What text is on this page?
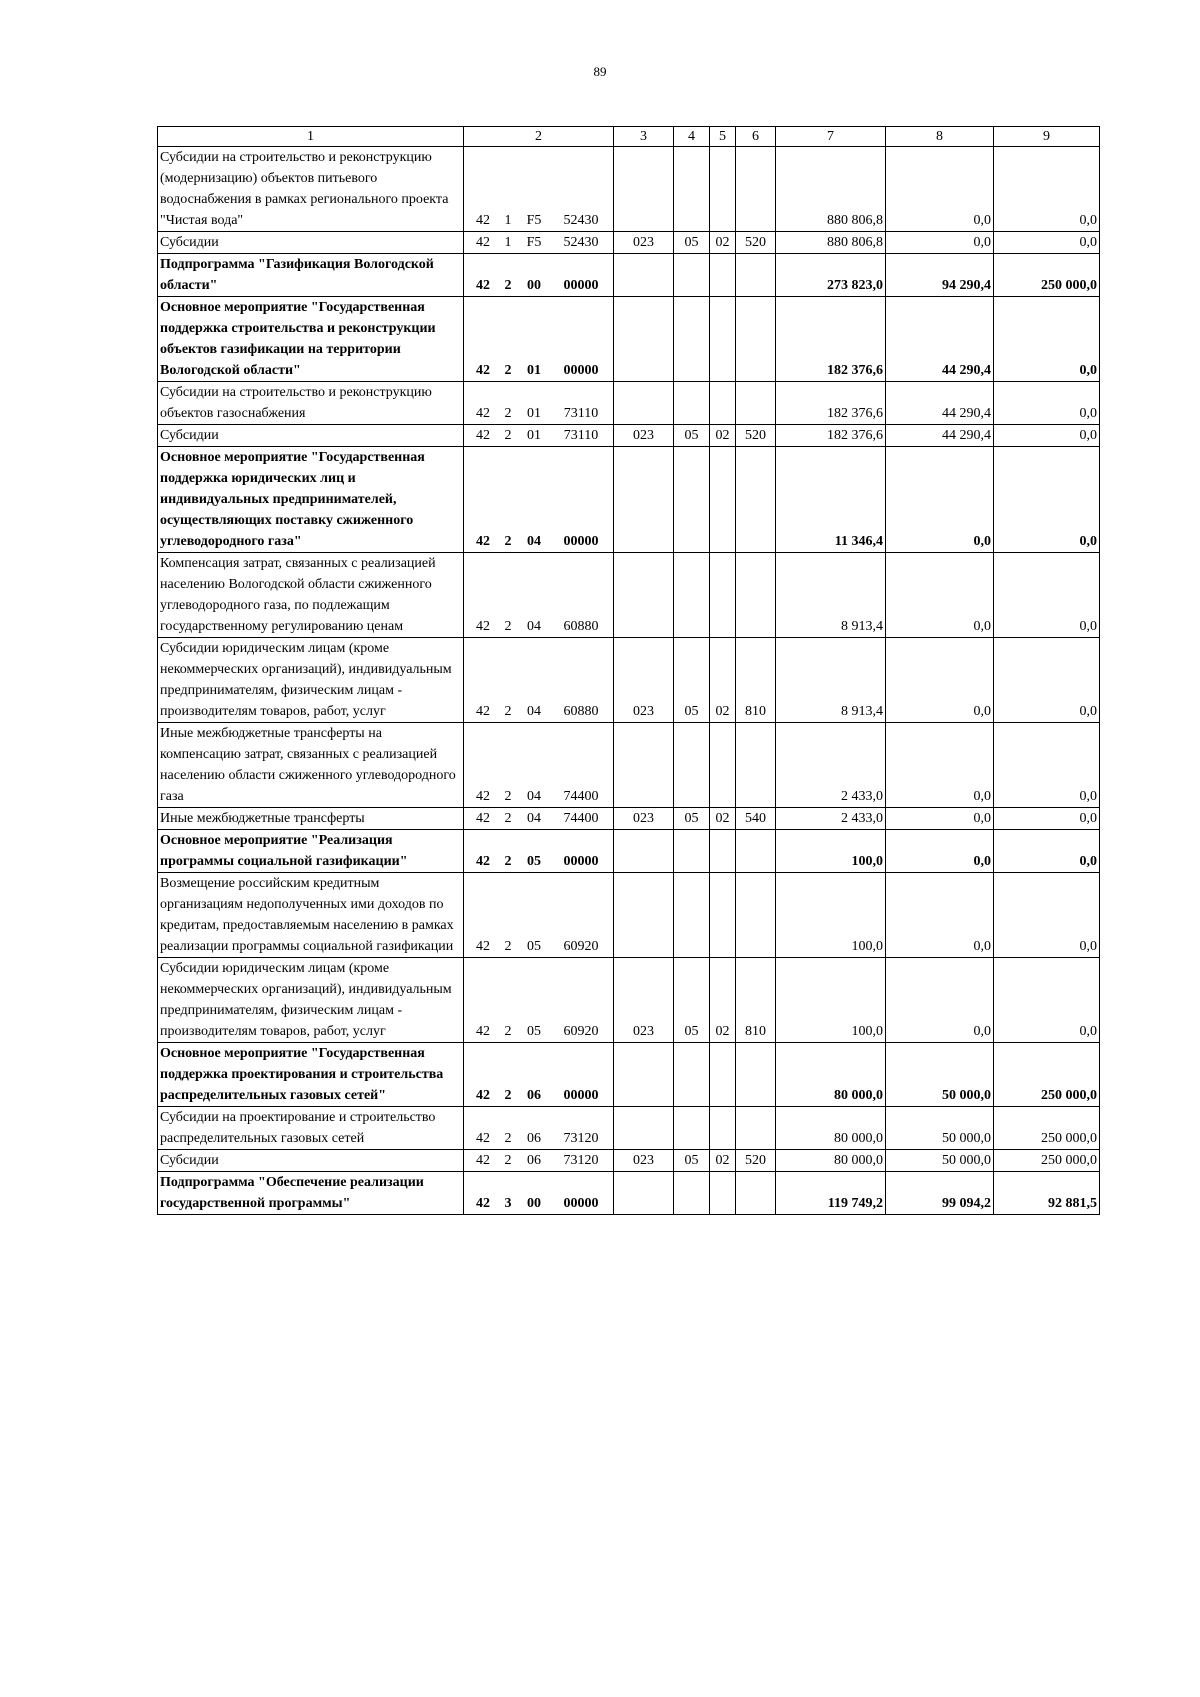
89
1	2	3	4	5	6	7	8	9
Субсидии на строительство и реконструкцию (модернизацию) объектов питьевого водоснабжения в рамках регионального проекта "Чистая вода"	42 1 F5 52430					880 806,8	0,0	0,0
Субсидии	42 1 F5 52430	023	05	02	520	880 806,8	0,0	0,0
Подпрограмма "Газификация Вологодской области"	42 2 00 00000					273 823,0	94 290,4	250 000,0
Основное мероприятие "Государственная поддержка строительства и реконструкции объектов газификации на территории Вологодской области"	42 2 01 00000					182 376,6	44 290,4	0,0
Субсидии на строительство и реконструкцию объектов газоснабжения	42 2 01 73110					182 376,6	44 290,4	0,0
Субсидии	42 2 01 73110	023	05	02	520	182 376,6	44 290,4	0,0
Основное мероприятие "Государственная поддержка юридических лиц и индивидуальных предпринимателей, осуществляющих поставку сжиженного углеводородного газа"	42 2 04 00000					11 346,4	0,0	0,0
Компенсация затрат, связанных с реализацией населению Вологодской области сжиженного углеводородного газа, по подлежащим государственному регулированию ценам	42 2 04 60880					8 913,4	0,0	0,0
Субсидии юридическим лицам (кроме некоммерческих организаций), индивидуальным предпринимателям, физическим лицам - производителям товаров, работ, услуг	42 2 04 60880	023	05	02	810	8 913,4	0,0	0,0
Иные межбюджетные трансферты на компенсацию затрат, связанных с реализацией населению области сжиженного углеводородного газа	42 2 04 74400					2 433,0	0,0	0,0
Иные межбюджетные трансферты	42 2 04 74400	023	05	02	540	2 433,0	0,0	0,0
Основное мероприятие "Реализация программы социальной газификации"	42 2 05 00000					100,0	0,0	0,0
Возмещение российским кредитным организациям недополученных ими доходов по кредитам, предоставляемым населению в рамках реализации программы социальной газификации	42 2 05 60920					100,0	0,0	0,0
Субсидии юридическим лицам (кроме некоммерческих организаций), индивидуальным предпринимателям, физическим лицам - производителям товаров, работ, услуг	42 2 05 60920	023	05	02	810	100,0	0,0	0,0
Основное мероприятие "Государственная поддержка проектирования и строительства распределительных газовых сетей"	42 2 06 00000					80 000,0	50 000,0	250 000,0
Субсидии на проектирование и строительство распределительных газовых сетей	42 2 06 73120					80 000,0	50 000,0	250 000,0
Субсидии	42 2 06 73120	023	05	02	520	80 000,0	50 000,0	250 000,0
Подпрограмма "Обеспечение реализации государственной программы"	42 3 00 00000					119 749,2	99 094,2	92 881,5
